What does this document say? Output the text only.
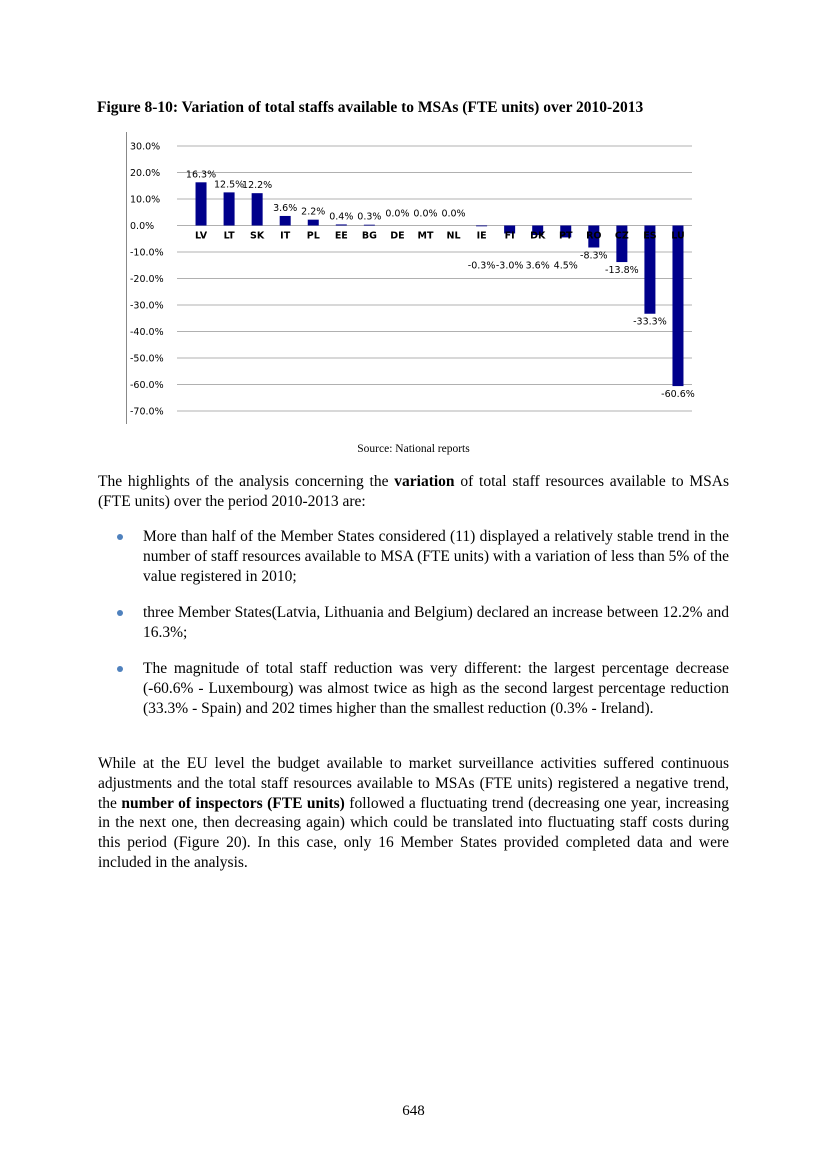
Figure 8-10: Variation of total staffs available to MSAs (FTE units) over 2010-2013
30.0%
20.0%
10.0%
0.0%
-10.0%
-20.0%
-30.0%
-40.0%
-50.0%
-60.0%
-70.0%
LV
16.3%
LT
12.5%
SK
12.2%
IT
3.6%
PL
2.2%
EE
0.4%
BG
0.3%
DE
0.0%
MT
0.0%
NL
0.0%
IE
-0.3%
FI
-3.0%
DK
3.6%
PT
4.5%
RO
-8.3%
CZ
-13.8%
ES
-33.3%
LU
-60.6%
Source: National reports
The highlights of the analysis concerning the variation of total staff resources available to MSAs (FTE units) over the period 2010-2013 are:
More than half of the Member States considered (11) displayed a relatively stable trend in the number of staff resources available to MSA (FTE units) with a variation of less than 5% of the value registered in 2010;
three Member States(Latvia, Lithuania and Belgium) declared an increase between 12.2% and 16.3%;
The magnitude of total staff reduction was very different: the largest percentage decrease (-60.6% - Luxembourg) was almost twice as high as the second largest percentage reduction (33.3% - Spain) and 202 times higher than the smallest reduction (0.3% - Ireland).
While at the EU level the budget available to market surveillance activities suffered continuous adjustments and the total staff resources available to MSAs (FTE units) registered a negative trend, the number of inspectors (FTE units) followed a fluctuating trend (decreasing one year, increasing in the next one, then decreasing again) which could be translated into fluctuating staff costs during this period (Figure 20). In this case, only 16 Member States provided completed data and were included in the analysis.
648
